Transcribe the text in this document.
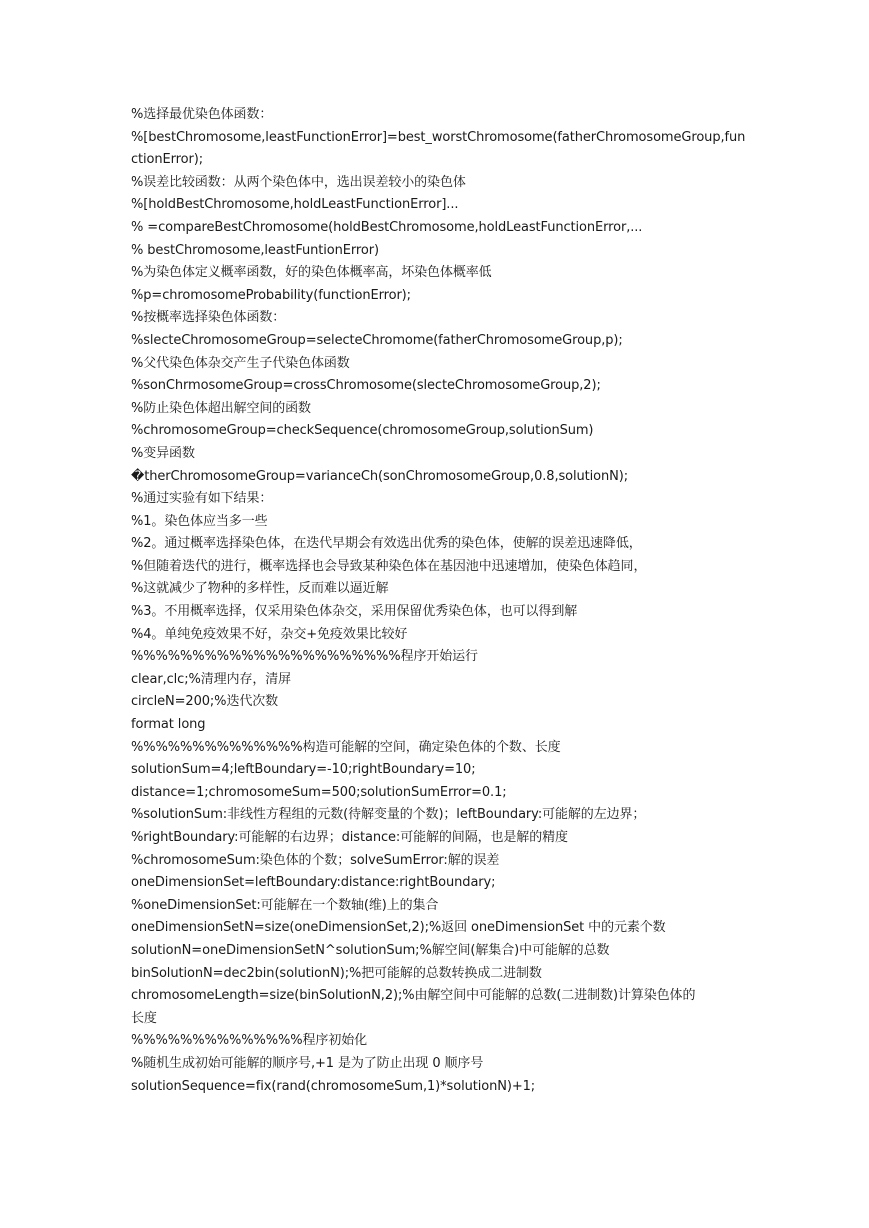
%选择最优染色体函数：
%[bestChromosome,leastFunctionError]=best_worstChromosome(fatherChromosomeGroup,fun
ctionError);
%误差比较函数：从两个染色体中，选出误差较小的染色体
%[holdBestChromosome,holdLeastFunctionError]...
% =compareBestChromosome(holdBestChromosome,holdLeastFunctionError,...
% bestChromosome,leastFuntionError)
%为染色体定义概率函数，好的染色体概率高，坏染色体概率低
%p=chromosomeProbability(functionError);
%按概率选择染色体函数：
%slecteChromosomeGroup=selecteChromome(fatherChromosomeGroup,p);
%父代染色体杂交产生子代染色体函数
%sonChrmosomeGroup=crossChromosome(slecteChromosomeGroup,2);
%防止染色体超出解空间的函数
%chromosomeGroup=checkSequence(chromosomeGroup,solutionSum)
%变异函数
�therChromosomeGroup=varianceCh(sonChromosomeGroup,0.8,solutionN);
%通过实验有如下结果：
%1。染色体应当多一些
%2。通过概率选择染色体，在迭代早期会有效选出优秀的染色体，使解的误差迅速降低，
%但随着迭代的进行，概率选择也会导致某种染色体在基因池中迅速增加，使染色体趋同，
%这就减少了物种的多样性，反而难以逼近解
%3。不用概率选择，仅采用染色体杂交，采用保留优秀染色体，也可以得到解
%4。单纯免疫效果不好，杂交+免疫效果比较好
%%%%%%%%%%%%%%%%%%%%%%程序开始运行
clear,clc;%清理内存，清屏
circleN=200;%迭代次数
format long
%%%%%%%%%%%%%%构造可能解的空间，确定染色体的个数、长度
solutionSum=4;leftBoundary=-10;rightBoundary=10;
distance=1;chromosomeSum=500;solutionSumError=0.1;
%solutionSum:非线性方程组的元数(待解变量的个数)；leftBoundary:可能解的左边界；
%rightBoundary:可能解的右边界；distance:可能解的间隔，也是解的精度
%chromosomeSum:染色体的个数；solveSumError:解的误差
oneDimensionSet=leftBoundary:distance:rightBoundary;
%oneDimensionSet:可能解在一个数轴(维)上的集合
oneDimensionSetN=size(oneDimensionSet,2);%返回 oneDimensionSet 中的元素个数
solutionN=oneDimensionSetN^solutionSum;%解空间(解集合)中可能解的总数
binSolutionN=dec2bin(solutionN);%把可能解的总数转换成二进制数
chromosomeLength=size(binSolutionN,2);%由解空间中可能解的总数(二进制数)计算染色体的
长度
%%%%%%%%%%%%%%程序初始化
%随机生成初始可能解的顺序号,+1 是为了防止出现 0 顺序号
solutionSequence=fix(rand(chromosomeSum,1)*solutionN)+1;
